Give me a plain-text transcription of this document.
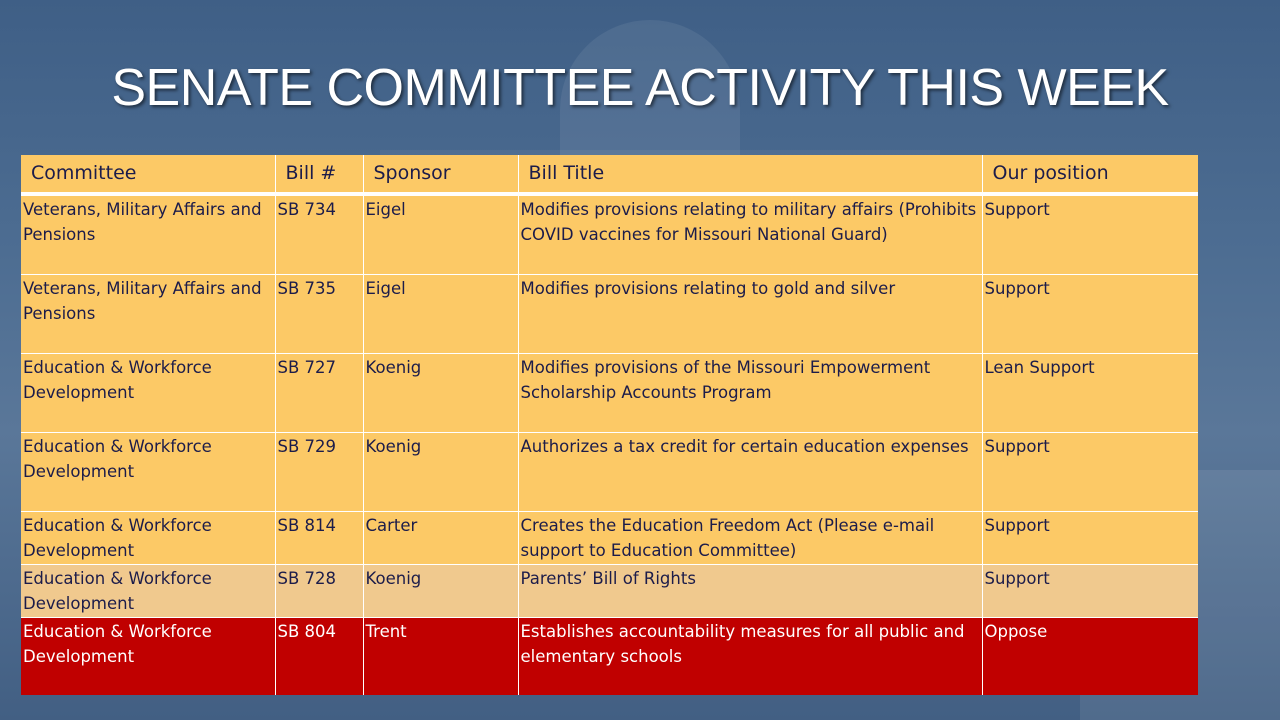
SENATE COMMITTEE ACTIVITY THIS WEEK
Committee	Bill #	Sponsor	Bill Title	Our position
Veterans, Military Affairs and Pensions	SB 734	Eigel	Modifies provisions relating to military affairs (Prohibits COVID vaccines for Missouri National Guard)	Support
Veterans, Military Affairs and Pensions	SB 735	Eigel	Modifies provisions relating to gold and silver	Support
Education & Workforce Development	SB 727	Koenig	Modifies provisions of the Missouri Empowerment Scholarship Accounts Program	Lean Support
Education & Workforce Development	SB 729	Koenig	Authorizes a tax credit for certain education expenses	Support
Education & Workforce Development	SB 814	Carter	Creates the Education Freedom Act (Please e-mail support to Education Committee)	Support
Education & Workforce Development	SB 728	Koenig	Parents’ Bill of Rights	Support
Education & Workforce Development	SB 804	Trent	Establishes accountability measures for all public and elementary schools	Oppose
